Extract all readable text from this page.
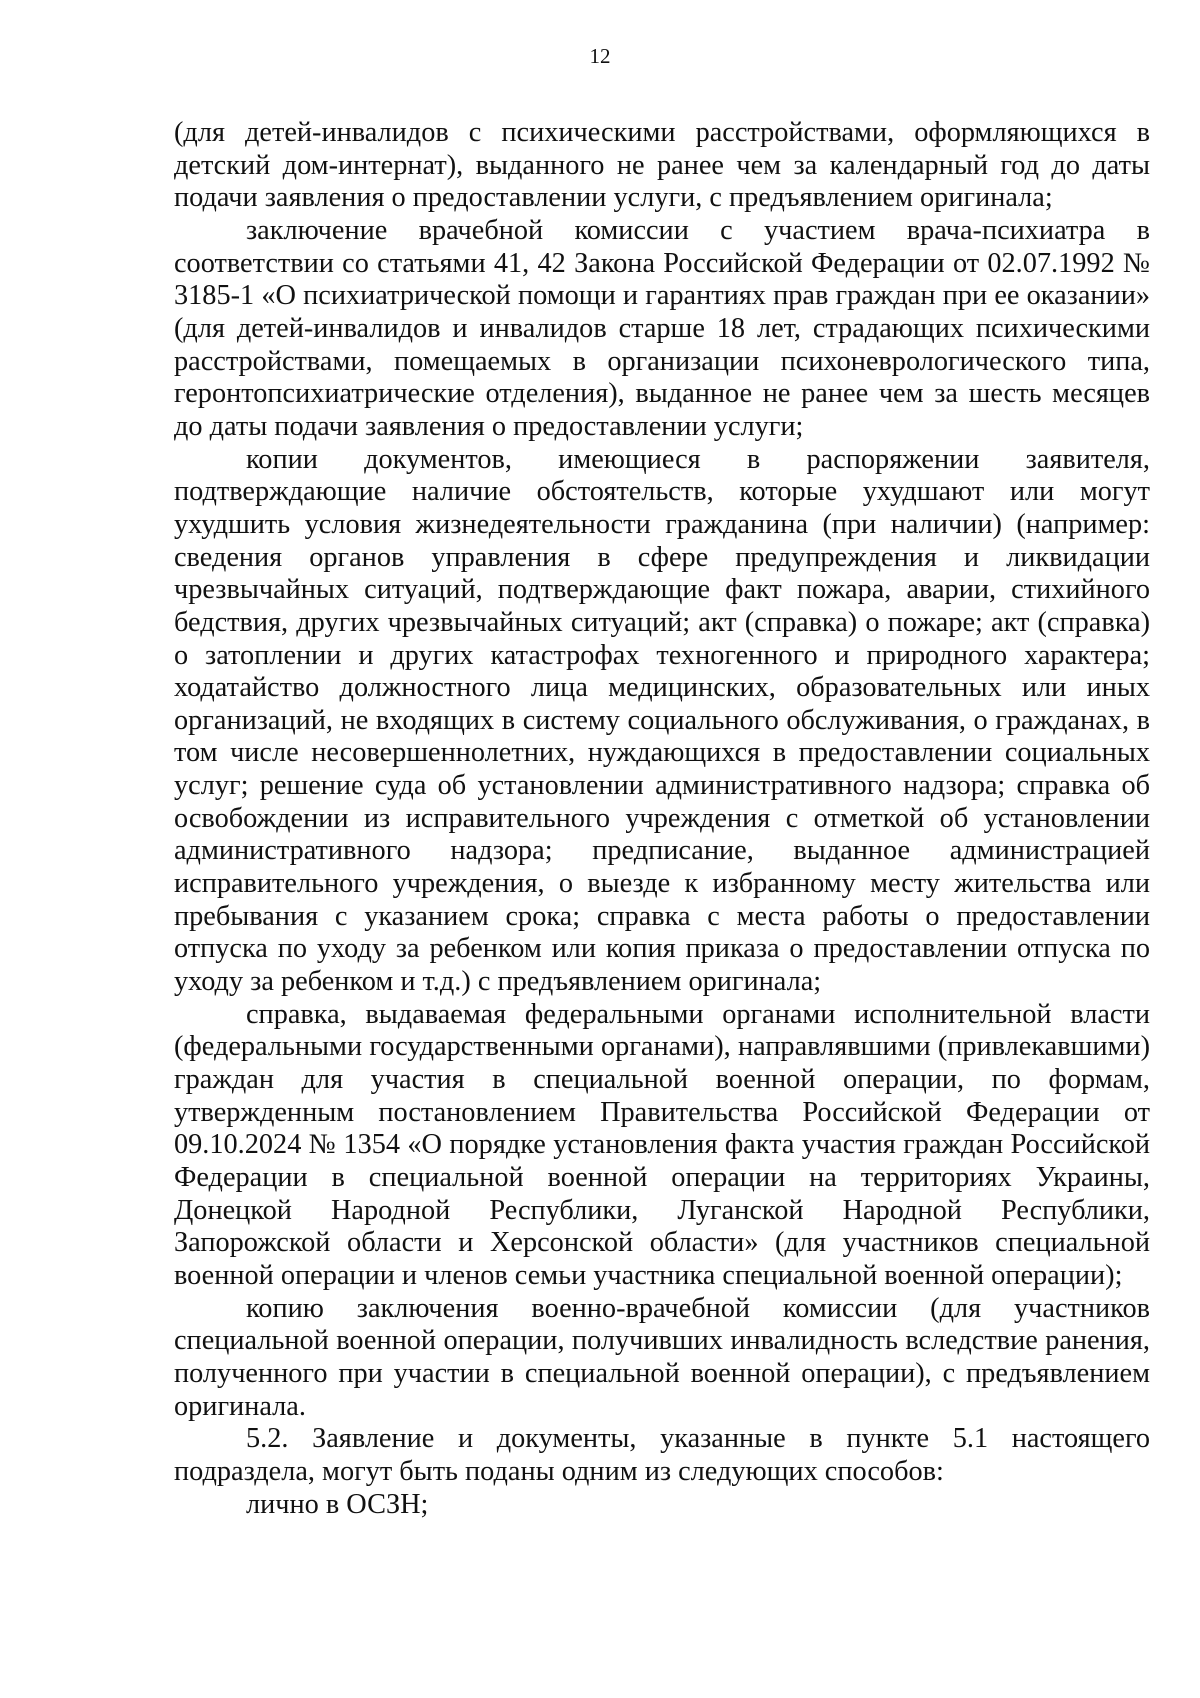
12

(для детей-инвалидов с психическими расстройствами, оформляющихся в детский дом-интернат), выданного не ранее чем за календарный год до даты подачи заявления о предоставлении услуги, с предъявлением оригинала;

заключение врачебной комиссии с участием врача-психиатра в соответствии со статьями 41, 42 Закона Российской Федерации от 02.07.1992 № 3185-1 «О психиатрической помощи и гарантиях прав граждан при ее оказании» (для детей-инвалидов и инвалидов старше 18 лет, страдающих психическими расстройствами, помещаемых в организации психоневрологического типа, геронтопсихиатрические отделения), выданное не ранее чем за шесть месяцев до даты подачи заявления о предоставлении услуги;

копии документов, имеющиеся в распоряжении заявителя, подтверждающие наличие обстоятельств, которые ухудшают или могут ухудшить условия жизнедеятельности гражданина (при наличии) (например: сведения органов управления в сфере предупреждения и ликвидации чрезвычайных ситуаций, подтверждающие факт пожара, аварии, стихийного бедствия, других чрезвычайных ситуаций; акт (справка) о пожаре; акт (справка) о затоплении и других катастрофах техногенного и природного характера; ходатайство должностного лица медицинских, образовательных или иных организаций, не входящих в систему социального обслуживания, о гражданах, в том числе несовершеннолетних, нуждающихся в предоставлении социальных услуг; решение суда об установлении административного надзора; справка об освобождении из исправительного учреждения с отметкой об установлении административного надзора; предписание, выданное администрацией исправительного учреждения, о выезде к избранному месту жительства или пребывания с указанием срока; справка с места работы о предоставлении отпуска по уходу за ребенком или копия приказа о предоставлении отпуска по уходу за ребенком и т.д.) с предъявлением оригинала;

справка, выдаваемая федеральными органами исполнительной власти (федеральными государственными органами), направлявшими (привлекавшими) граждан для участия в специальной военной операции, по формам, утвержденным постановлением Правительства Российской Федерации от 09.10.2024 № 1354 «О порядке установления факта участия граждан Российской Федерации в специальной военной операции на территориях Украины, Донецкой Народной Республики, Луганской Народной Республики, Запорожской области и Херсонской области» (для участников специальной военной операции и членов семьи участника специальной военной операции);

копию заключения военно-врачебной комиссии (для участников специальной военной операции, получивших инвалидность вследствие ранения, полученного при участии в специальной военной операции), с предъявлением оригинала.

5.2. Заявление и документы, указанные в пункте 5.1 настоящего подраздела, могут быть поданы одним из следующих способов:

лично в ОСЗН;
